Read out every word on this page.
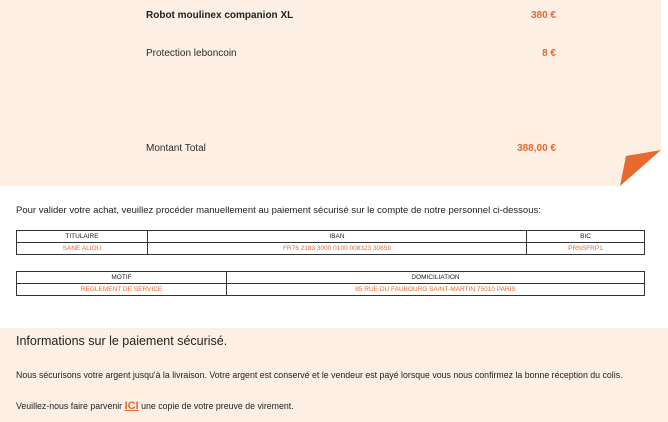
Robot moulinex companion XL	380 €
Protection leboncoin	8 €
Montant Total	388,00 €
Pour valider votre achat, veuillez procéder manuellement au paiement sécurisé sur le compte de notre personnel ci-dessous:
TITULAIRE	IBAN	BIC
SANE ALIOU	FR76 2183 3000 0100 008323 30859	PRNSFRP1
MOTIF	DOMICILIATION
REGLEMENT DE SERVICE	85 RUE DU FAUBOURG SAINT-MARTIN,75010 PARIS
Informations sur le paiement sécurisé.

Nous sécurisons votre argent jusqu'à la livraison. Votre argent est conservé et le vendeur est payé lorsque vous nous confirmez la bonne réception du colis.

Veuillez-nous faire parvenir ICI une copie de votre preuve de virement.
